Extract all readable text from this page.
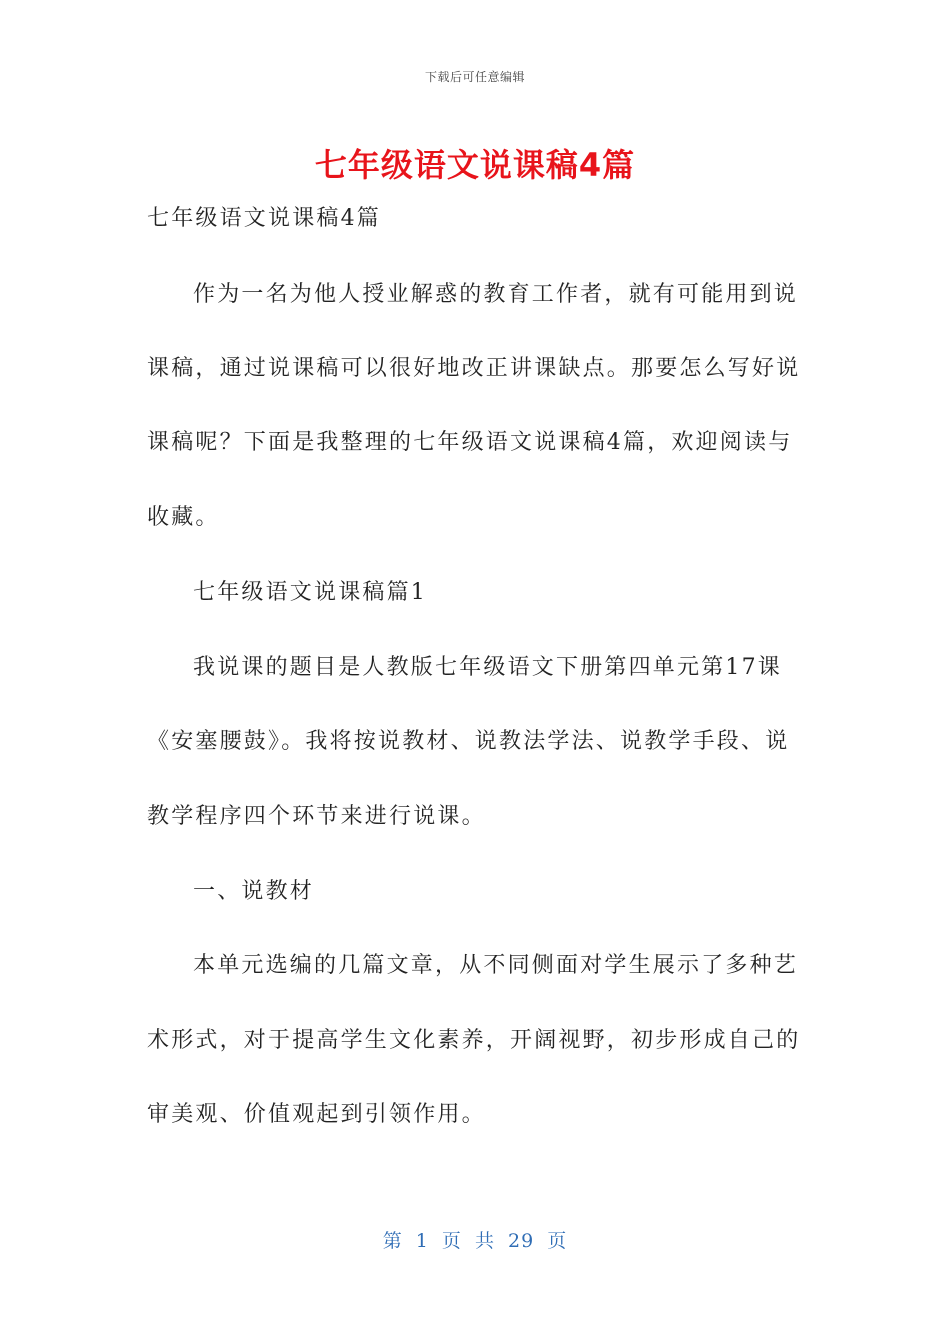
下载后可任意编辑
七年级语文说课稿4篇
七年级语文说课稿4篇
作为一名为他人授业解惑的教育工作者，就有可能用到说
课稿，通过说课稿可以很好地改正讲课缺点。那要怎么写好说
课稿呢？下面是我整理的七年级语文说课稿4篇，欢迎阅读与
收藏。
七年级语文说课稿篇1
我说课的题目是人教版七年级语文下册第四单元第17课
《安塞腰鼓》。我将按说教材、说教法学法、说教学手段、说
教学程序四个环节来进行说课。
一、说教材
本单元选编的几篇文章，从不同侧面对学生展示了多种艺
术形式，对于提高学生文化素养，开阔视野，初步形成自己的
审美观、价值观起到引领作用。
第 1 页 共 29 页
